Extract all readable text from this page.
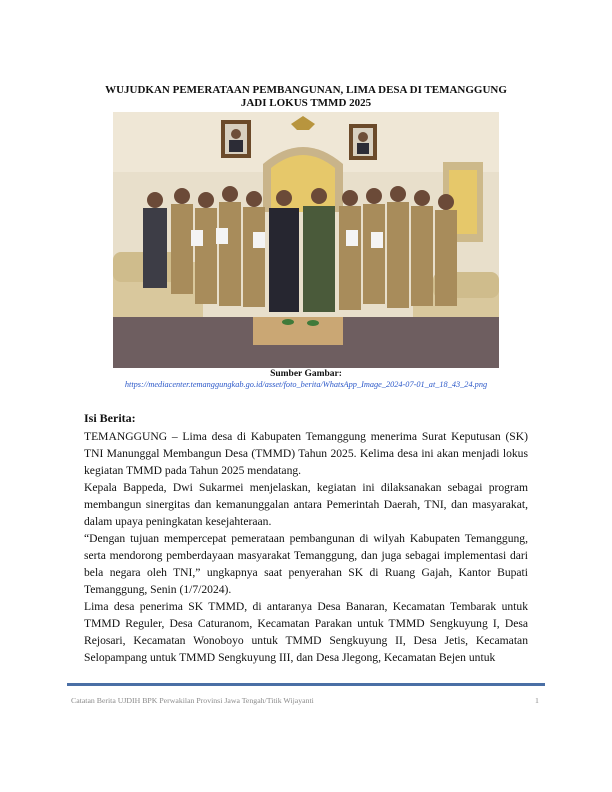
WUJUDKAN PEMERATAAN PEMBANGUNAN, LIMA DESA DI TEMANGGUNG
JADI LOKUS TMMD 2025
Sumber Gambar:
https://mediacenter.temanggungkab.go.id/asset/foto_berita/WhatsApp_Image_2024-07-01_at_18_43_24.png
Isi Berita:

TEMANGGUNG – Lima desa di Kabupaten Temanggung menerima Surat Keputusan (SK) TNI Manunggal Membangun Desa (TMMD) Tahun 2025. Kelima desa ini akan menjadi lokus kegiatan TMMD pada Tahun 2025 mendatang.

Kepala Bappeda, Dwi Sukarmei menjelaskan, kegiatan ini dilaksanakan sebagai program membangun sinergitas dan kemanunggalan antara Pemerintah Daerah, TNI, dan masyarakat, dalam upaya peningkatan kesejahteraan.

“Dengan tujuan mempercepat pemerataan pembangunan di wilyah Kabupaten Temanggung, serta mendorong pemberdayaan masyarakat Temanggung, dan juga sebagai implementasi dari bela negara oleh TNI,” ungkapnya saat penyerahan SK di Ruang Gajah, Kantor Bupati Temanggung, Senin (1/7/2024).

Lima desa penerima SK TMMD, di antaranya Desa Banaran, Kecamatan Tembarak untuk TMMD Reguler, Desa Caturanom, Kecamatan Parakan untuk TMMD Sengkuyung I, Desa Rejosari, Kecamatan Wonoboyo untuk TMMD Sengkuyung II, Desa Jetis, Kecamatan Selopampang untuk TMMD Sengkuyung III, dan Desa Jlegong, Kecamatan Bejen untuk

Catatan Berita UJDIH BPK Perwakilan Provinsi Jawa Tengah/Titik Wijayanti	1
